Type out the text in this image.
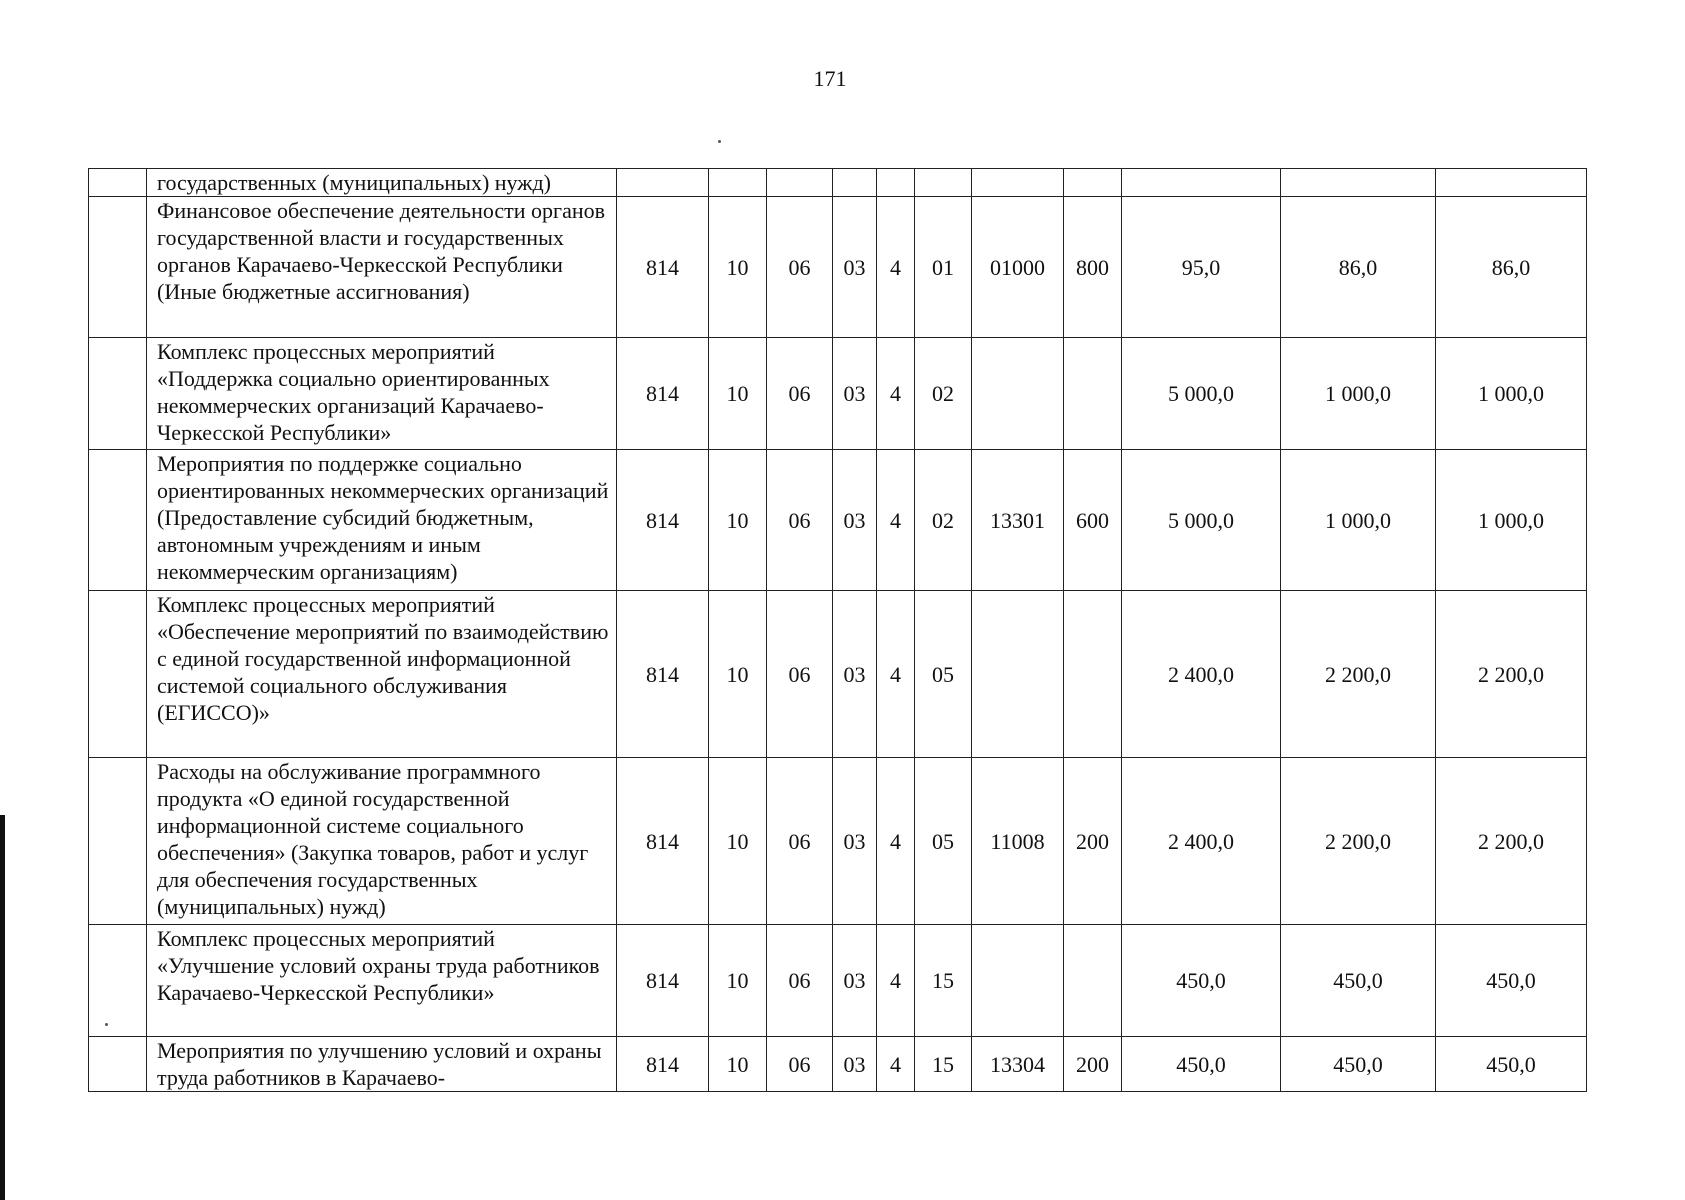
171
	государственных (муниципальных) нужд)											
	Финансовое обеспечение деятельности органов государственной власти и государственных органов Карачаево-Черкесской Республики (Иные бюджетные ассигнования)	814	10	06	03	4	01	01000	800	95,0	86,0	86,0
	Комплекс процессных мероприятий «Поддержка социально ориентированных некоммерческих организаций Карачаево-Черкесской Республики»	814	10	06	03	4	02			5 000,0	1 000,0	1 000,0
	Мероприятия по поддержке социально ориентированных некоммерческих организаций (Предоставление субсидий бюджетным, автономным учреждениям и иным некоммерческим организациям)	814	10	06	03	4	02	13301	600	5 000,0	1 000,0	1 000,0
	Комплекс процессных мероприятий «Обеспечение мероприятий по взаимодействию с единой государственной информационной системой социального обслуживания (ЕГИССО)»	814	10	06	03	4	05			2 400,0	2 200,0	2 200,0
	Расходы на обслуживание программного продукта «О единой государственной информационной системе социального обеспечения» (Закупка товаров, работ и услуг для обеспечения государственных (муниципальных) нужд)	814	10	06	03	4	05	11008	200	2 400,0	2 200,0	2 200,0
	Комплекс процессных мероприятий «Улучшение условий охраны труда работников Карачаево-Черкесской Республики»	814	10	06	03	4	15			450,0	450,0	450,0
	Мероприятия по улучшению условий и охраны труда работников в Карачаево-	814	10	06	03	4	15	13304	200	450,0	450,0	450,0
